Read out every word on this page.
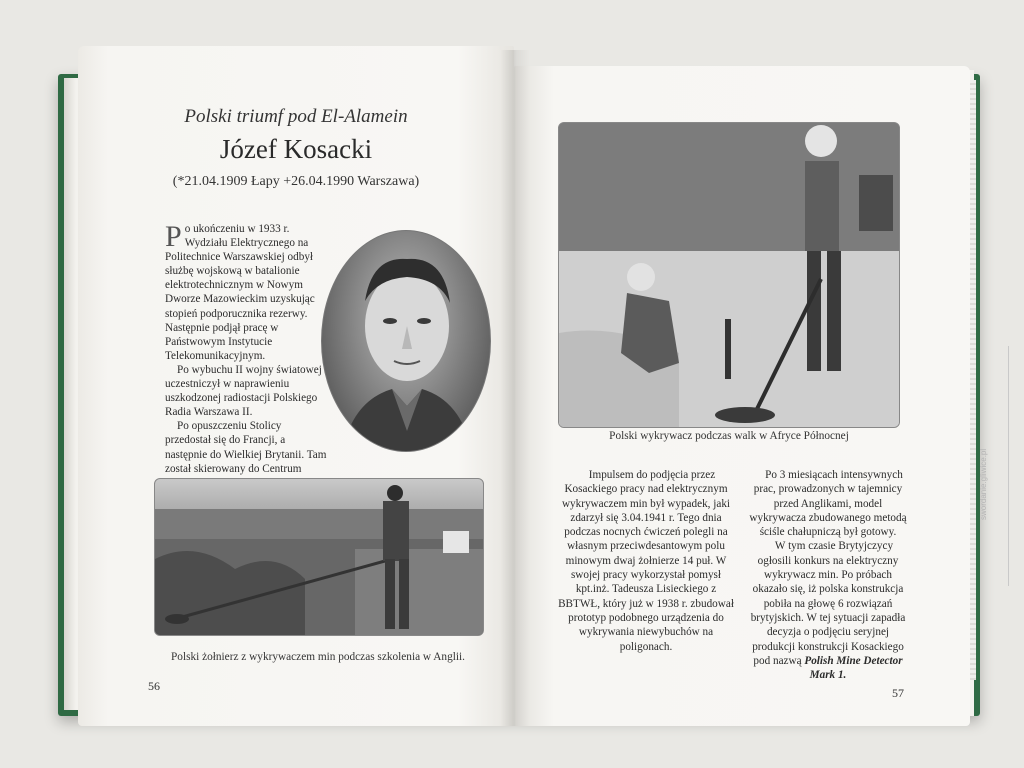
Polski triumf pod El-Alamein
Józef Kosacki
(*21.04.1909 Łapy +26.04.1990 Warszawa)

Po ukończeniu w 1933 r. Wydziału Elektrycznego na Politechnice Warszawskiej odbył służbę wojskową w batalionie elektrotechnicznym w Nowym Dworze Mazowieckim uzyskując stopień podporucznika rezerwy. Następnie podjął pracę w Państwowym Instytucie Telekomunikacyjnym.

Po wybuchu II wojny światowej uczestniczył w naprawieniu uszkodzonej radiostacji Polskiego Radia Warszawa II.

Po opuszczeniu Stolicy przedostał się do Francji, a następnie do Wielkiej Brytanii. Tam został skierowany do Centrum

Polski żołnierz z wykrywaczem min podczas szkolenia w Anglii.
56
Polski wykrywacz podczas walk w Afryce Północnej

Impulsem do podjęcia przez Kosackiego pracy nad elektrycznym wykrywaczem min był wypadek, jaki zdarzył się 3.04.1941 r. Tego dnia podczas nocnych ćwiczeń polegli na własnym przeciwdesantowym polu minowym dwaj żołnierze 14 puł. W swojej pracy wykorzystał pomysł kpt.inż. Tadeusza Lisieckiego z BBTWŁ, który już w 1938 r. zbudował prototyp podobnego urządzenia do wykrywania niewybuchów na poligonach.

Po 3 miesiącach intensywnych prac, prowadzonych w tajemnicy przed Anglikami, model wykrywacza zbudowanego metodą ściśle chałupniczą był gotowy.

W tym czasie Brytyjczycy ogłosili konkurs na elektryczny wykrywacz min. Po próbach okazało się, iż polska konstrukcja pobiła na głowę 6 rozwiązań brytyjskich. W tej sytuacji zapadła decyzja o podjęciu seryjnej produkcji konstrukcji Kosackiego pod nazwą Polish Mine Detector Mark 1.

57
swordanie.gliwice.pl
